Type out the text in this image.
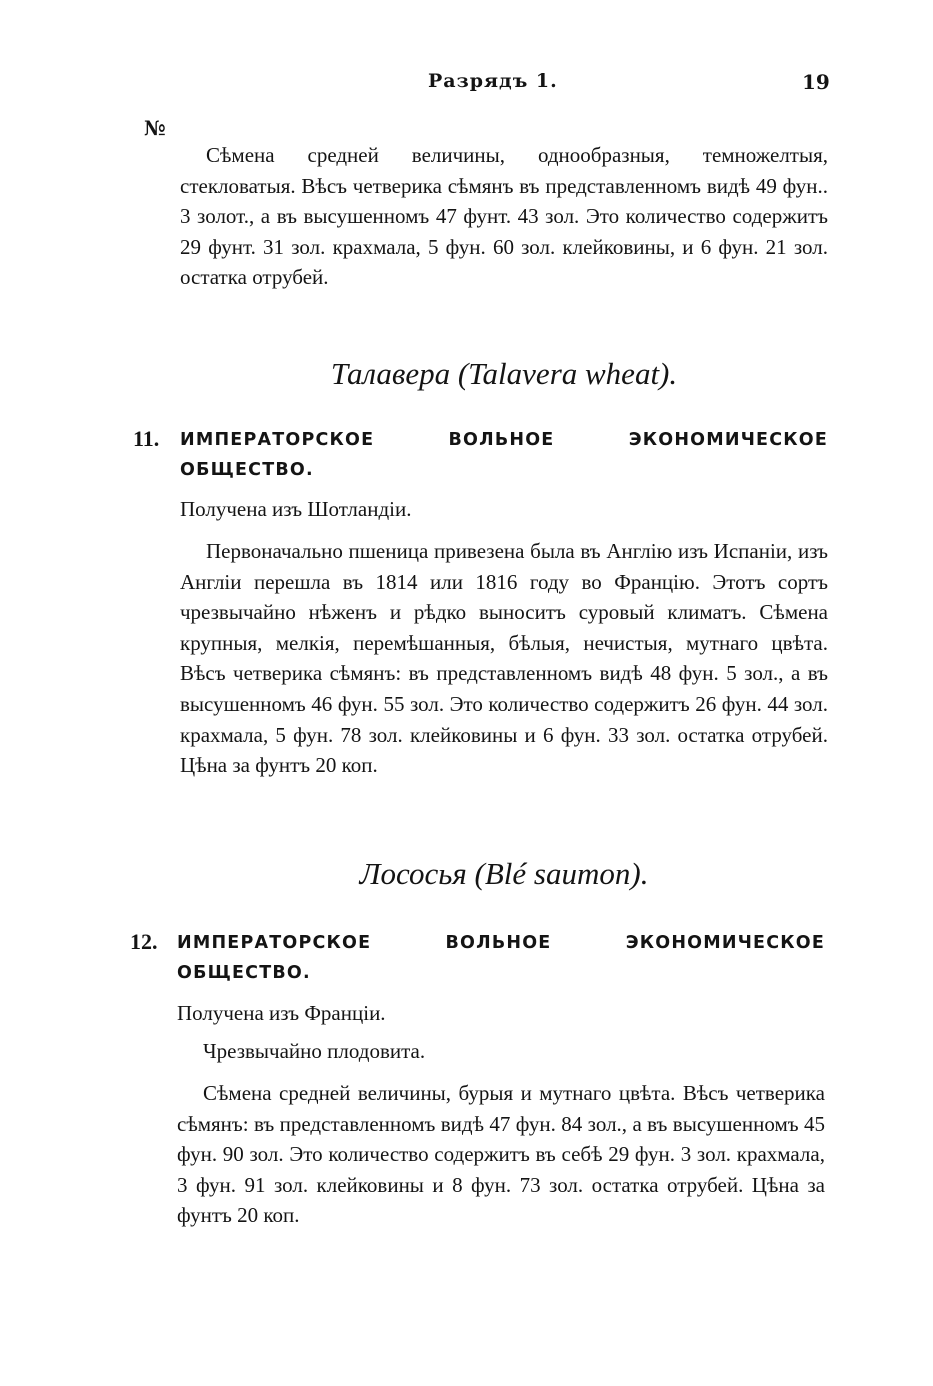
Разрядъ 1.	19
№

Сѣмена средней величины, однообразныя, темножелтыя, стекловатыя. Вѣсъ четверика сѣмянъ въ представленномъ видѣ 49 фун.. 3 золот., а въ высушенномъ 47 фунт. 43 зол. Это количество содержитъ 29 фунт. 31 зол. крахмала, 5 фун. 60 зол. клейковины, и 6 фун. 21 зол. остатка отрубей.

Талавера (Talavera wheat).

11. ИМПЕРАТОРСКОЕ ВОЛЬНОЕ ЭКОНОМИЧЕСКОЕ ОБЩЕСТВО.

Получена изъ Шотландіи.

Первоначально пшеница привезена была въ Англію изъ Испаніи, изъ Англіи перешла въ 1814 или 1816 году во Францію. Этотъ сортъ чрезвычайно нѣженъ и рѣдко выноситъ суровый климатъ. Сѣмена крупныя, мелкія, перемѣшанныя, бѣлыя, нечистыя, мутнаго цвѣта. Вѣсъ четверика сѣмянъ: въ представленномъ видѣ 48 фун. 5 зол., а въ высушенномъ 46 фун. 55 зол. Это количество содержитъ 26 фун. 44 зол. крахмала, 5 фун. 78 зол. клейковины и 6 фун. 33 зол. остатка отрубей. Цѣна за фунтъ 20 коп.

Лососья (Blé saumon).

12. ИМПЕРАТОРСКОЕ ВОЛЬНОЕ ЭКОНОМИЧЕСКОЕ ОБЩЕСТВО.

Получена изъ Франціи.

Чрезвычайно плодовита.

Сѣмена средней величины, бурыя и мутнаго цвѣта. Вѣсъ четверика сѣмянъ: въ представленномъ видѣ 47 фун. 84 зол., а въ высушенномъ 45 фун. 90 зол. Это количество содержитъ въ себѣ 29 фун. 3 зол. крахмала, 3 фун. 91 зол. клейковины и 8 фун. 73 зол. остатка отрубей. Цѣна за фунтъ 20 коп.
